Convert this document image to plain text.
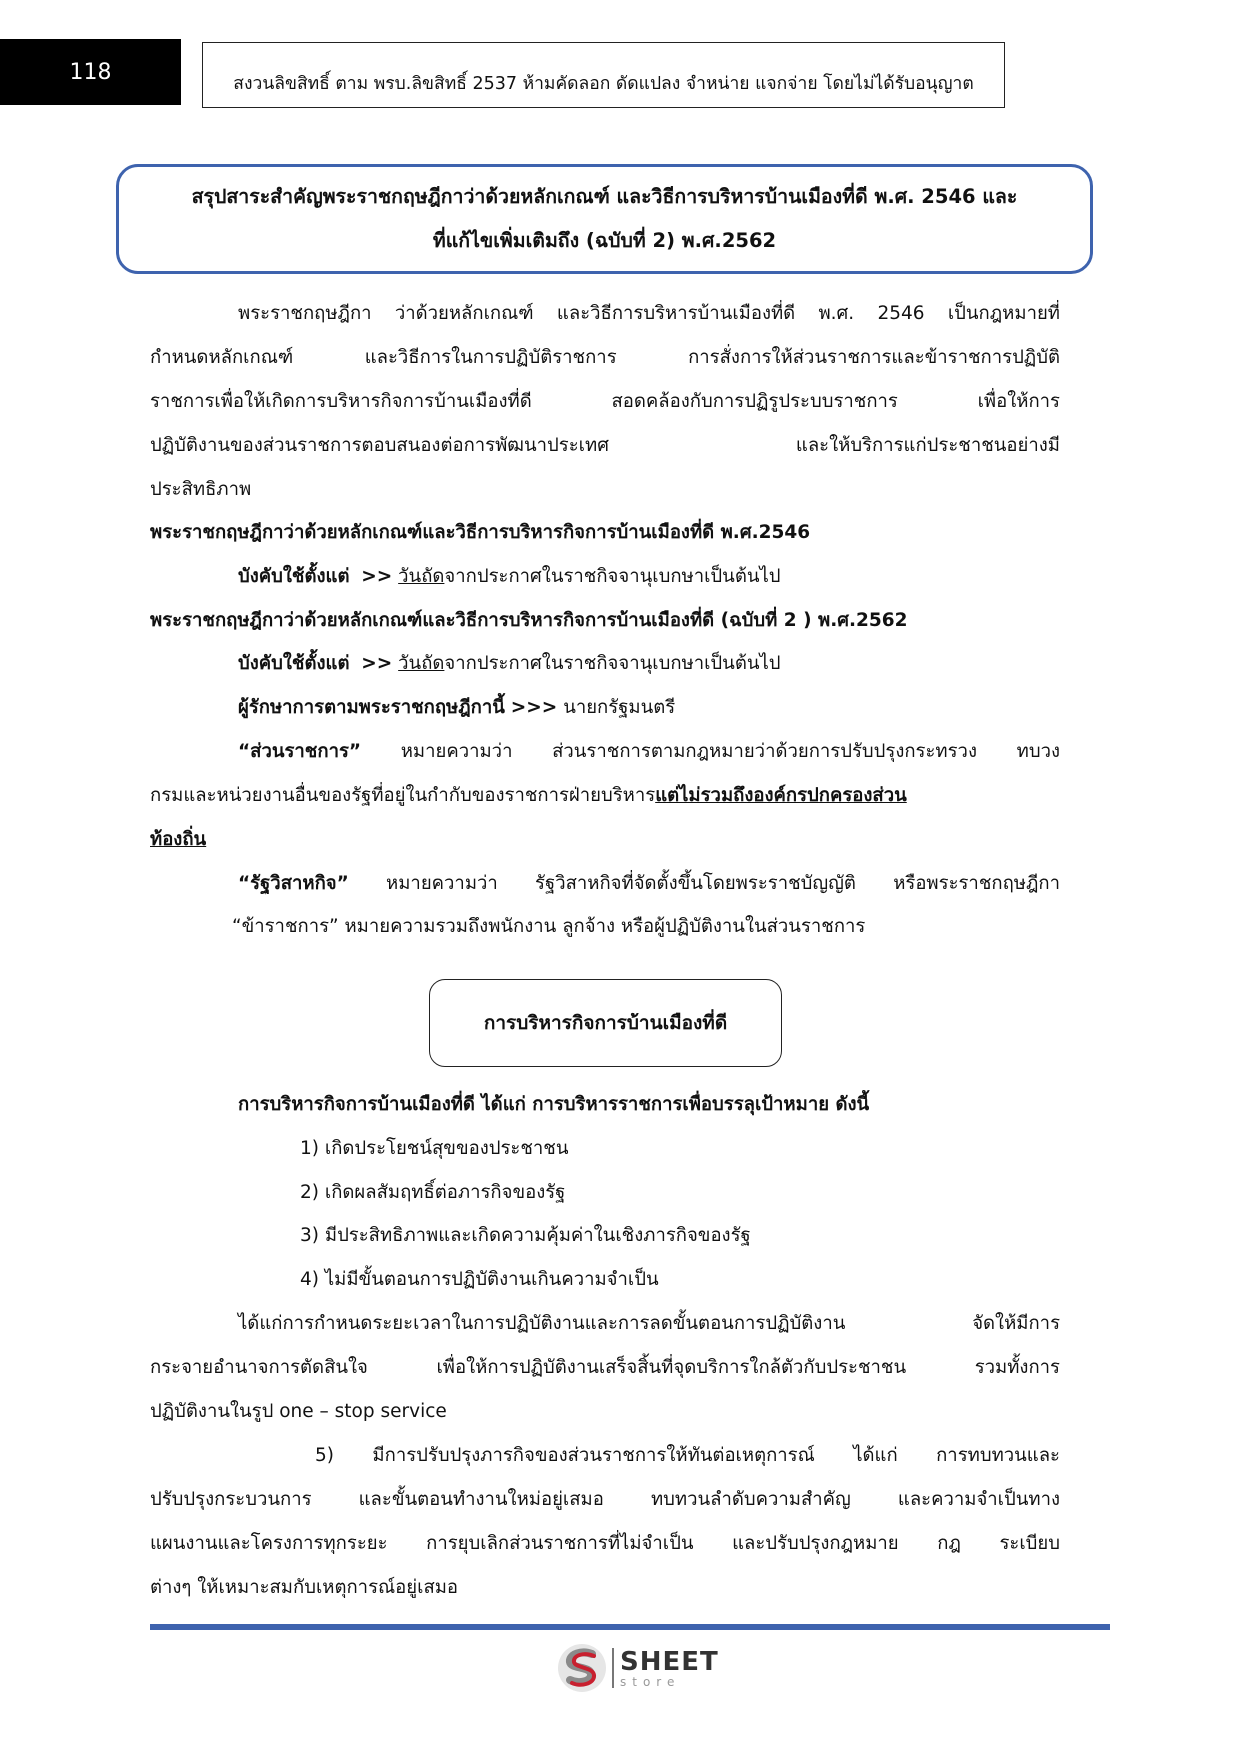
118	สงวนลิขสิทธิ์ ตาม พรบ.ลิขสิทธิ์ 2537 ห้ามคัดลอก ดัดแปลง จำหน่าย แจกจ่าย โดยไม่ได้รับอนุญาต
สรุปสาระสำคัญพระราชกฤษฎีกาว่าด้วยหลักเกณฑ์ และวิธีการบริหารบ้านเมืองที่ดี พ.ศ. 2546 และ
ที่แก้ไขเพิ่มเติมถึง (ฉบับที่ 2) พ.ศ.2562
พระราชกฤษฎีกา ว่าด้วยหลักเกณฑ์ และวิธีการบริหารบ้านเมืองที่ดี พ.ศ. 2546 เป็นกฎหมายที่
กำหนดหลักเกณฑ์ และวิธีการในการปฏิบัติราชการ การสั่งการให้ส่วนราชการและข้าราชการปฏิบัติ
ราชการเพื่อให้เกิดการบริหารกิจการบ้านเมืองที่ดี สอดคล้องกับการปฏิรูประบบราชการ เพื่อให้การ
ปฏิบัติงานของส่วนราชการตอบสนองต่อการพัฒนาประเทศ และให้บริการแก่ประชาชนอย่างมี
ประสิทธิภาพ
พระราชกฤษฎีกาว่าด้วยหลักเกณฑ์และวิธีการบริหารกิจการบ้านเมืองที่ดี พ.ศ.2546
บังคับใช้ตั้งแต่ >> วันถัดจากประกาศในราชกิจจานุเบกษาเป็นต้นไป
พระราชกฤษฎีกาว่าด้วยหลักเกณฑ์และวิธีการบริหารกิจการบ้านเมืองที่ดี (ฉบับที่ 2 ) พ.ศ.2562
บังคับใช้ตั้งแต่ >> วันถัดจากประกาศในราชกิจจานุเบกษาเป็นต้นไป
ผู้รักษาการตามพระราชกฤษฎีกานี้ >>> นายกรัฐมนตรี
“ส่วนราชการ” หมายความว่า ส่วนราชการตามกฎหมายว่าด้วยการปรับปรุงกระทรวง ทบวง
กรมและหน่วยงานอื่นของรัฐที่อยู่ในกำกับของราชการฝ่ายบริหารแต่ไม่รวมถึงองค์กรปกครองส่วน
ท้องถิ่น
“รัฐวิสาหกิจ” หมายความว่า รัฐวิสาหกิจที่จัดตั้งขึ้นโดยพระราชบัญญัติ หรือพระราชกฤษฎีกา
“ข้าราชการ” หมายความรวมถึงพนักงาน ลูกจ้าง หรือผู้ปฏิบัติงานในส่วนราชการ
การบริหารกิจการบ้านเมืองที่ดี
การบริหารกิจการบ้านเมืองที่ดี ได้แก่ การบริหารราชการเพื่อบรรลุเป้าหมาย ดังนี้
1) เกิดประโยชน์สุขของประชาชน
2) เกิดผลสัมฤทธิ์ต่อภารกิจของรัฐ
3) มีประสิทธิภาพและเกิดความคุ้มค่าในเชิงภารกิจของรัฐ
4) ไม่มีขั้นตอนการปฏิบัติงานเกินความจำเป็น
ได้แก่การกำหนดระยะเวลาในการปฏิบัติงานและการลดขั้นตอนการปฏิบัติงาน จัดให้มีการ
กระจายอำนาจการตัดสินใจ เพื่อให้การปฏิบัติงานเสร็จสิ้นที่จุดบริการใกล้ตัวกับประชาชน รวมทั้งการ
ปฏิบัติงานในรูป one – stop service
5) มีการปรับปรุงภารกิจของส่วนราชการให้ทันต่อเหตุการณ์ ได้แก่ การทบทวนและ
ปรับปรุงกระบวนการ และขั้นตอนทำงานใหม่อยู่เสมอ ทบทวนลำดับความสำคัญ และความจำเป็นทาง
แผนงานและโครงการทุกระยะ การยุบเลิกส่วนราชการที่ไม่จำเป็น และปรับปรุงกฎหมาย กฎ ระเบียบ
ต่างๆ ให้เหมาะสมกับเหตุการณ์อยู่เสมอ
SHEET
store
